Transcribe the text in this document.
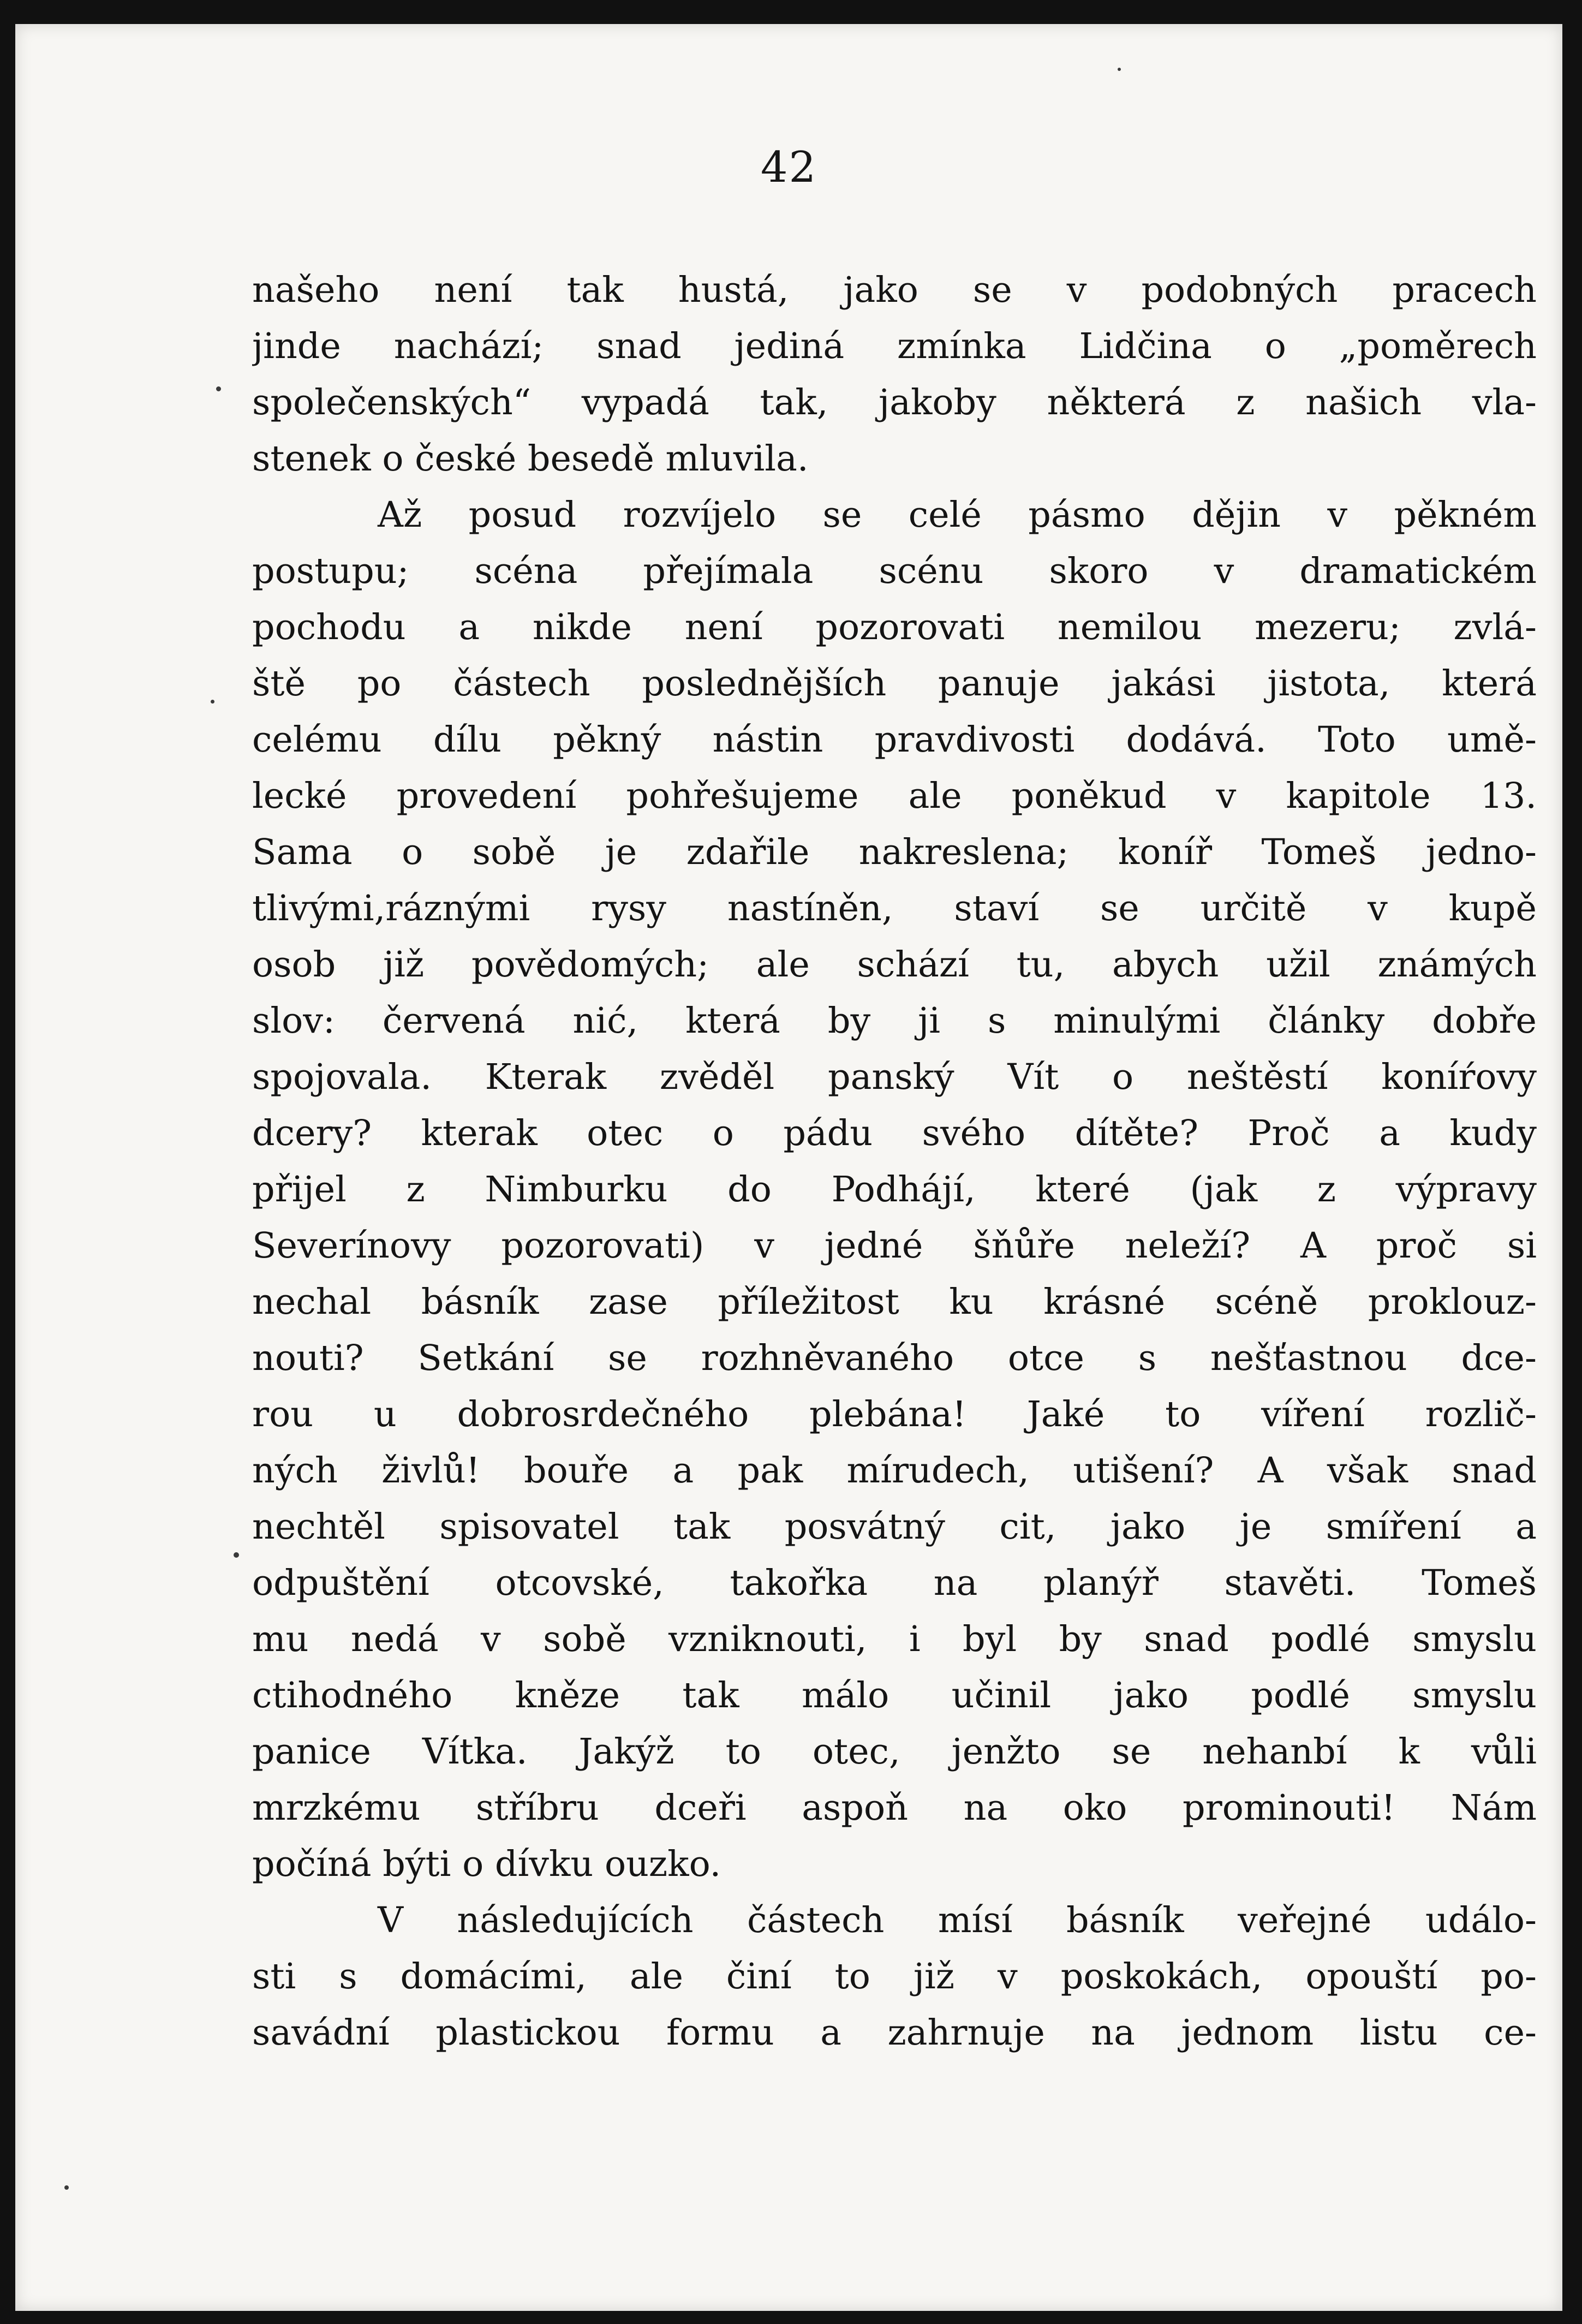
42
našeho není tak hustá, jako se v podobných pracech
jinde nachází; snad jediná zmínka Lidčina o „poměrech
společenských“ vypadá tak, jakoby některá z našich vla-
stenek o české besedě mluvila.
Až posud rozvíjelo se celé pásmo dějin v pěkném
postupu; scéna přejímala scénu skoro v dramatickém
pochodu a nikde není pozorovati nemilou mezeru; zvlá-
ště po částech poslednějších panuje jakási jistota, která
celému dílu pěkný nástin pravdivosti dodává. Toto umě-
lecké provedení pohřešujeme ale poněkud v kapitole 13.
Sama o sobě je zdařile nakreslena; koníř Tomeš jedno-
tlivými,ráznými rysy nastíněn, staví se určitě v kupě
osob již povědomých; ale schází tu, abych užil známých
slov: červená nić, která by ji s minulými články dobře
spojovala. Kterak zvěděl panský Vít o neštěstí koníŕovy
dcery? kterak otec o pádu svého dítěte? Proč a kudy
přijel z Nimburku do Podhájí, které (jak z výpravy
Severínovy pozorovati) v jedné šňůře neleží? A proč si
nechal básník zase příležitost ku krásné scéně proklouz-
nouti? Setkání se rozhněvaného otce s nešťastnou dce-
rou u dobrosrdečného plebána! Jaké to víření rozlič-
ných živlů! bouře a pak mírudech, utišení? A však snad
nechtěl spisovatel tak posvátný cit, jako je smíření a
odpuštění otcovské, takořka na planýř stavěti. Tomeš
mu nedá v sobě vzniknouti, i byl by snad podlé smyslu
ctihodného kněze tak málo učinil jako podlé smyslu
panice Vítka. Jakýž to otec, jenžto se nehanbí k vůli
mrzkému stříbru dceři aspoň na oko prominouti! Nám
počíná býti o dívku ouzko.
V následujících částech mísí básník veřejné událo-
sti s domácími, ale činí to již v poskokách, opouští po-
savádní plastickou formu a zahrnuje na jednom listu ce-
